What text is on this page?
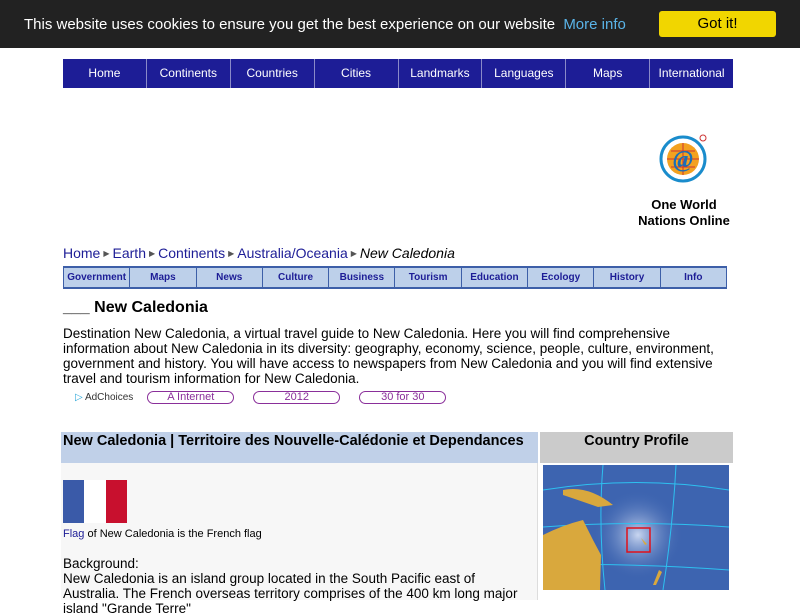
This website uses cookies to ensure you get the best experience on our website More info	Got it!
Home	Continents	Countries	Cities	Landmarks	Languages	Maps	International
@
One World
Nations Online
Home ▶ Earth ▶ Continents ▶ Australia/Oceania ▶ New Caledonia
Government	Maps	News	Culture	Business	Tourism	Education	Ecology	History	Info
___ New Caledonia

Destination New Caledonia, a virtual travel guide to New Caledonia. Here you will find comprehensive information about New Caledonia in its diversity: geography, economy, science, people, culture, environment, government and history. You will have access to newspapers from New Caledonia and you will find extensive travel and tourism information for New Caledonia.

▷ AdChoices	A Internet	2012	30 for 30
New Caledonia | Territoire des Nouvelle-Calédonie et Dependances
Flag of New Caledonia is the French flag
Background:
New Caledonia is an island group located in the South Pacific east of Australia. The French overseas territory comprises of the 400 km long major island "Grande Terre"
Country Profile
